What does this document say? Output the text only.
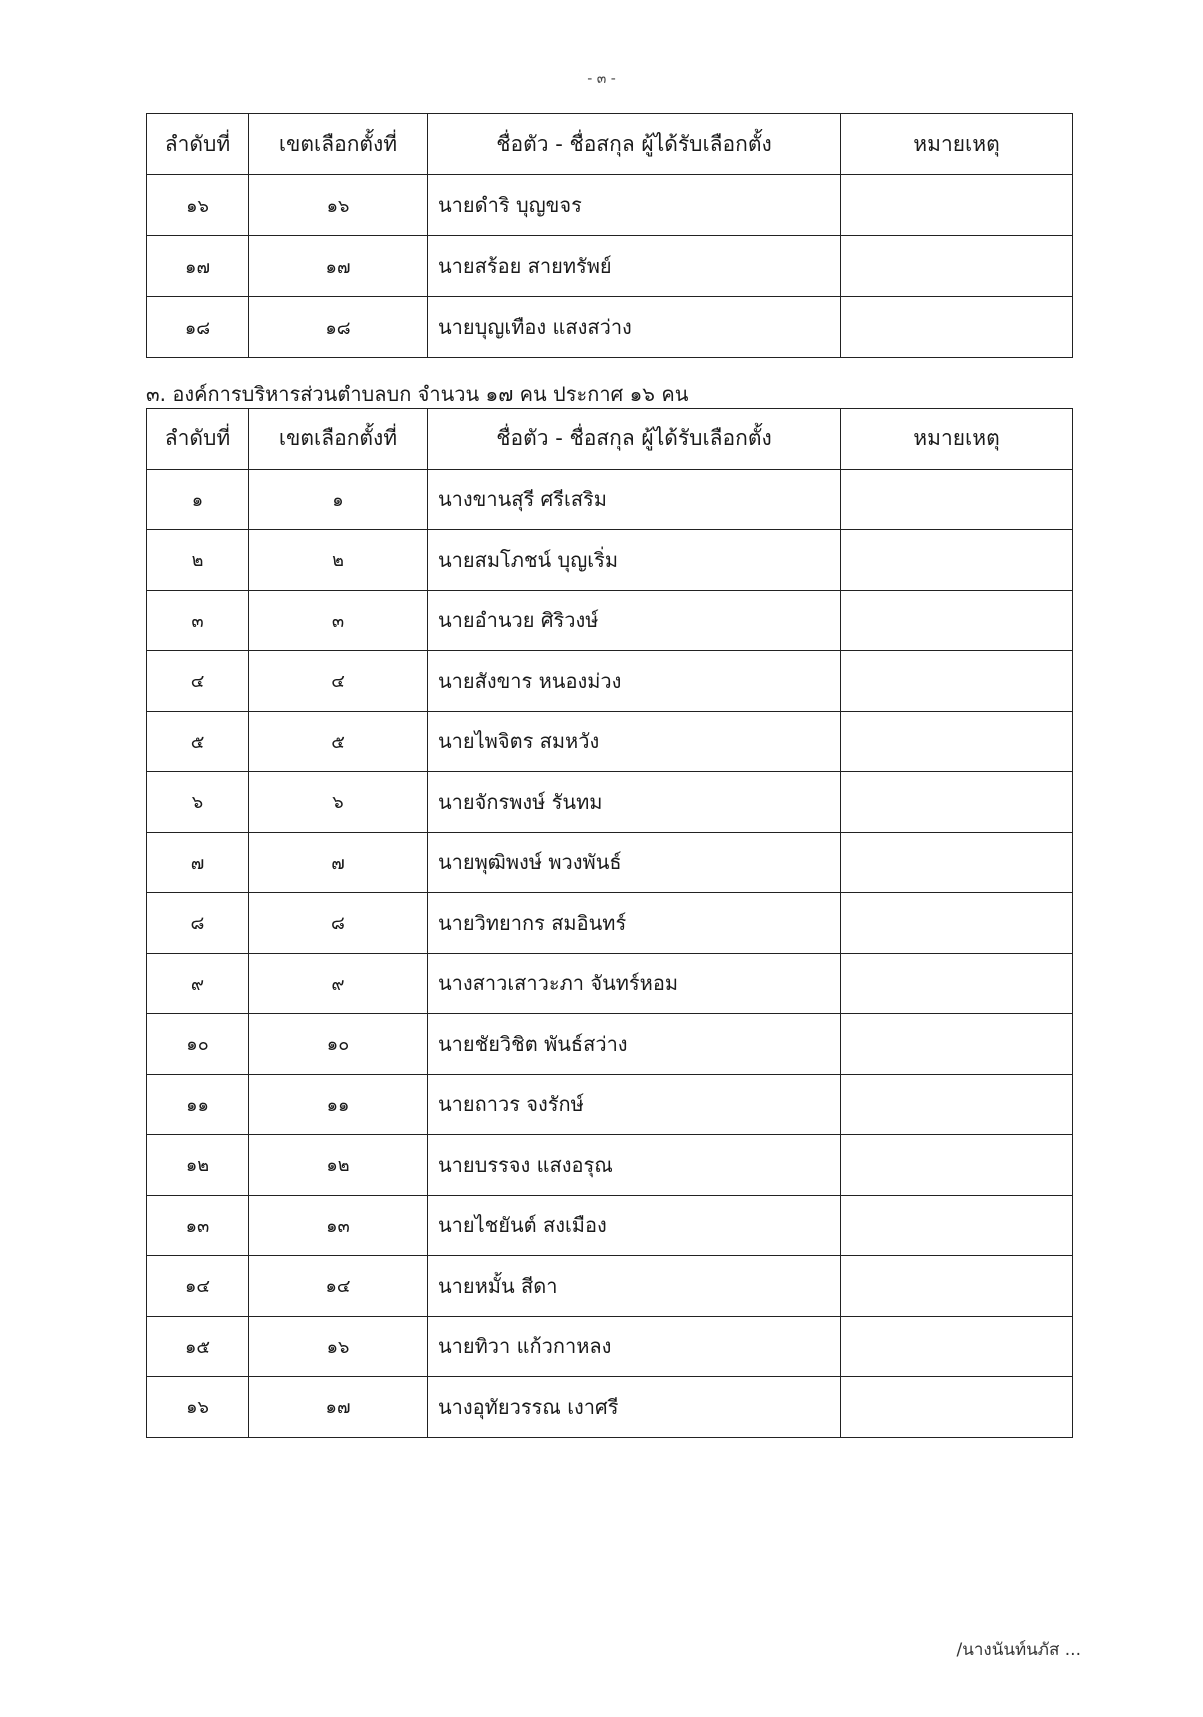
- ๓ -
ลำดับที่	เขตเลือกตั้งที่	ชื่อตัว - ชื่อสกุล ผู้ได้รับเลือกตั้ง	หมายเหตุ
๑๖	๑๖	นายดำริ บุญขจร	
๑๗	๑๗	นายสร้อย สายทรัพย์	
๑๘	๑๘	นายบุญเทือง แสงสว่าง	
๓. องค์การบริหารส่วนตำบลบก จำนวน ๑๗ คน ประกาศ ๑๖ คน
ลำดับที่	เขตเลือกตั้งที่	ชื่อตัว - ชื่อสกุล ผู้ได้รับเลือกตั้ง	หมายเหตุ
๑	๑	นางขานสุรี ศรีเสริม	
๒	๒	นายสมโภชน์ บุญเริ่ม	
๓	๓	นายอำนวย ศิริวงษ์	
๔	๔	นายสังขาร หนองม่วง	
๕	๕	นายไพจิตร สมหวัง	
๖	๖	นายจักรพงษ์ รันทม	
๗	๗	นายพุฒิพงษ์ พวงพันธ์	
๘	๘	นายวิทยากร สมอินทร์	
๙	๙	นางสาวเสาวะภา จันทร์หอม	
๑๐	๑๐	นายชัยวิชิต พันธ์สว่าง	
๑๑	๑๑	นายถาวร จงรักษ์	
๑๒	๑๒	นายบรรจง แสงอรุณ	
๑๓	๑๓	นายไชยันต์ สงเมือง	
๑๔	๑๔	นายหมั้น สีดา	
๑๕	๑๖	นายทิวา แก้วกาหลง	
๑๖	๑๗	นางอุทัยวรรณ เงาศรี	
/นางนันท์นภัส ...
